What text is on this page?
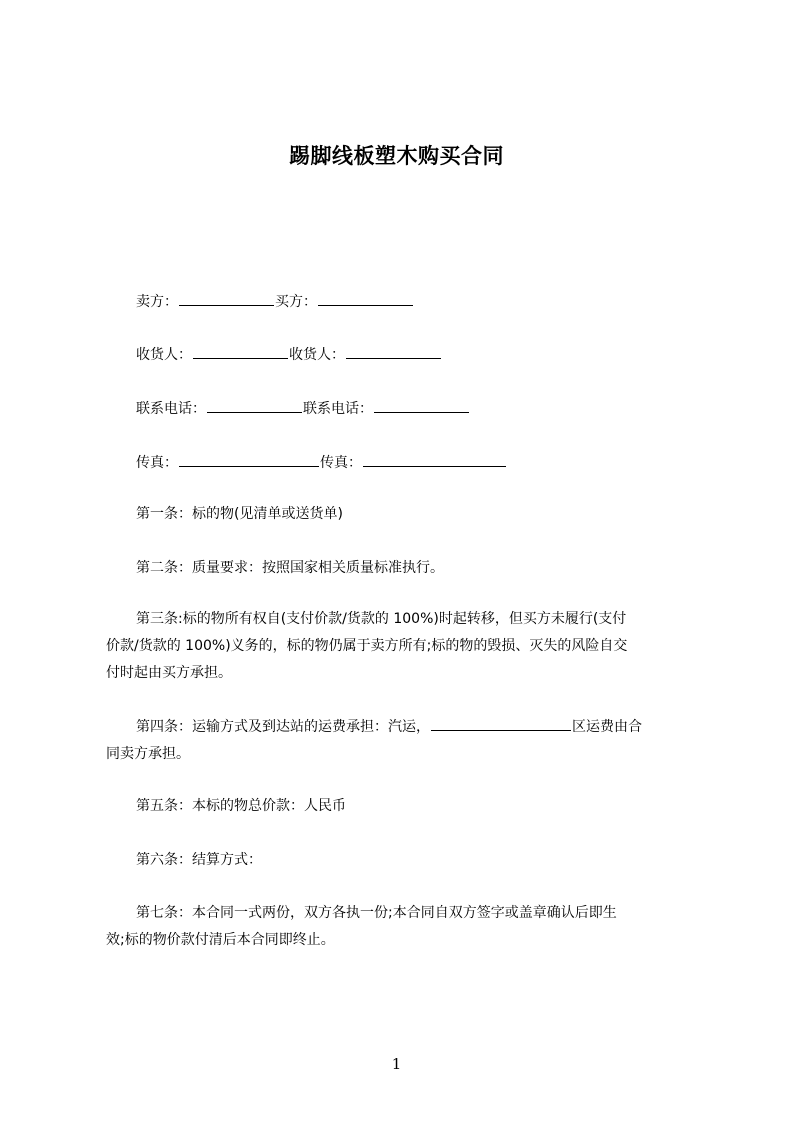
踢脚线板塑木购买合同
卖方：	买方：
收货人：	收货人：
联系电话：	联系电话：
传真：	传真：
第一条：标的物(见清单或送货单)
第二条：质量要求：按照国家相关质量标准执行。
第三条:标的物所有权自(支付价款/货款的 100%)时起转移，但买方未履行(支付
价款/货款的 100%)义务的，标的物仍属于卖方所有;标的物的毁损、灭失的风险自交
付时起由买方承担。
第四条：运输方式及到达站的运费承担：汽运，	区运费由合
同卖方承担。
第五条：本标的物总价款：人民币
第六条：结算方式：
第七条：本合同一式两份，双方各执一份;本合同自双方签字或盖章确认后即生
效;标的物价款付清后本合同即终止。
1
